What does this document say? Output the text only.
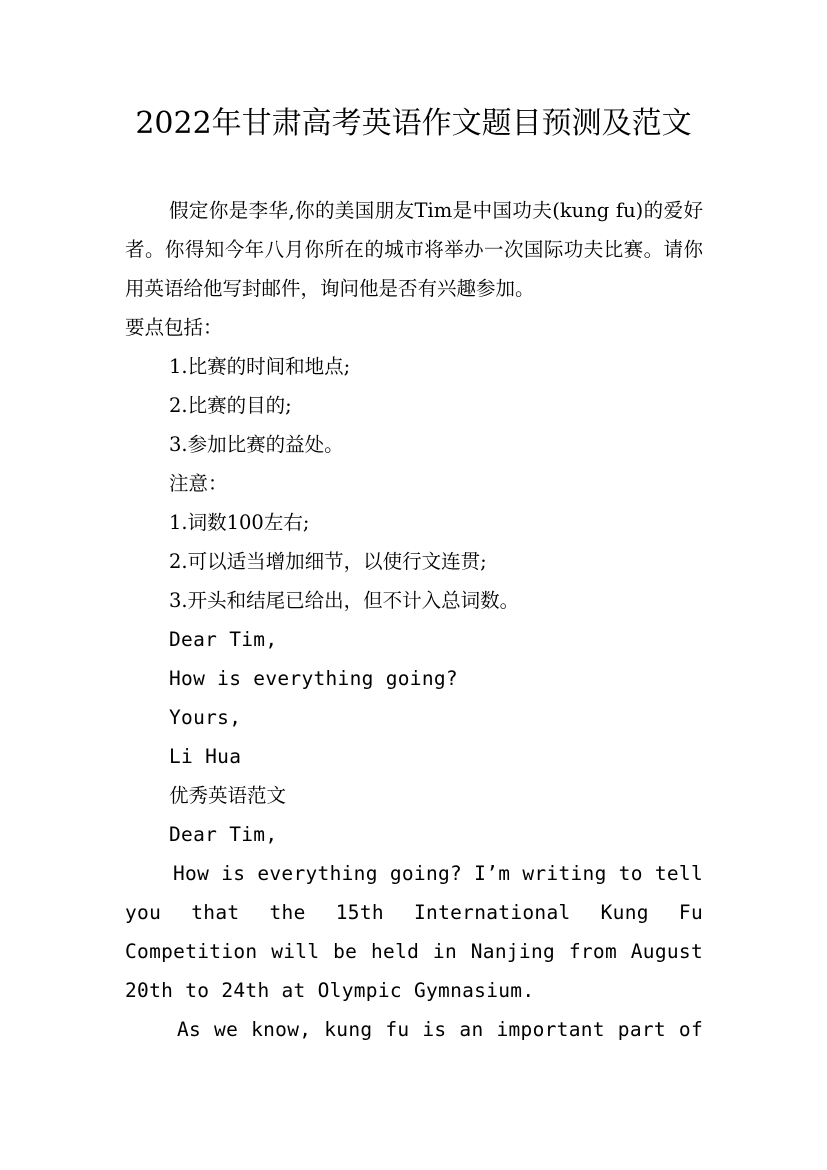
2022年甘肃高考英语作文题目预测及范文

假定你是李华,你的美国朋友Tim是中国功夫(kung fu)的爱好者。你得知今年八月你所在的城市将举办一次国际功夫比赛。请你用英语给他写封邮件，询问他是否有兴趣参加。

要点包括：

1.比赛的时间和地点;

2.比赛的目的;

3.参加比赛的益处。

注意：

1.词数100左右;

2.可以适当增加细节，以使行文连贯;

3.开头和结尾已给出，但不计入总词数。

Dear Tim,

How is everything going?

Yours,

Li Hua

优秀英语范文

Dear Tim,

How is everything going? I’m writing to tell you that the 15th International Kung Fu Competition will be held in Nanjing from August 20th to 24th at Olympic Gymnasium.

As we know, kung fu is an important part of
